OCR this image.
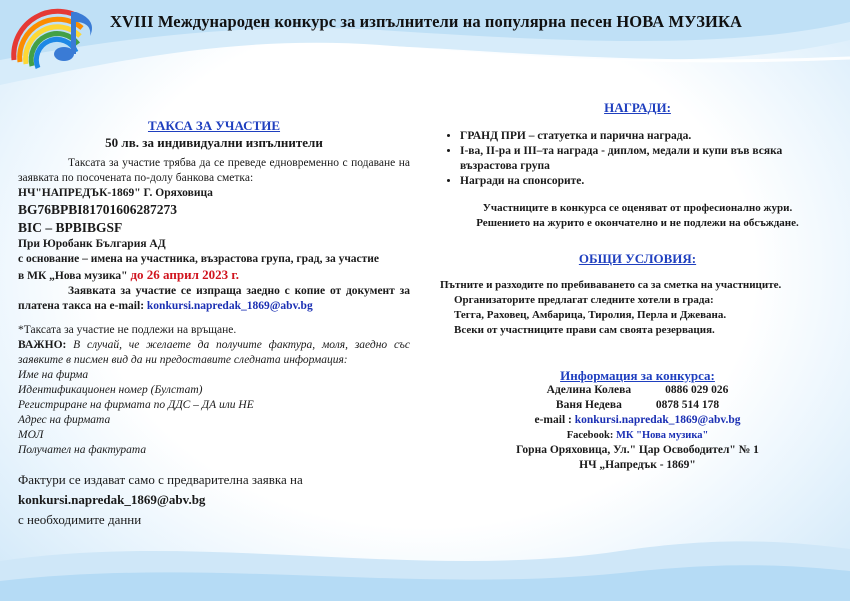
XVIII Международен конкурс за изпълнители на популярна песен НОВА МУЗИКА
ТАКСА ЗА УЧАСТИЕ
50 лв. за индивидуални изпълнители
Таксата за участие трябва да се преведе едновременно с подаване на заявката по посочената по-долу банкова сметка:
НЧ"НАПРЕДЪК-1869" Г. Оряховица
BG76BPBI81701606287273
BIC – BPBIBGSF
При Юробанк България АД
с основание – имена на участника, възрастова група, град, за участие
в МК „Нова музика" до 26 април 2023 г.
Заявката за участие се изпраща заедно с копие от документ за платена такса на e-mail: konkursi.napredak_1869@abv.bg
*Таксата за участие не подлежи на връщане.
ВАЖНО: В случай, че желаете да получите фактура, моля, заедно със заявките в писмен вид да ни предоставите следната информация:
Име на фирма
Идентификационен номер (Булстат)
Регистриране на фирмата по ДДС – ДА или НЕ
Адрес на фирмата
МОЛ
Получател на фактурата
Фактури се издават само с предварителна заявка на
konkursi.napredak_1869@abv.bg
с необходимите данни
НАГРАДИ:
• ГРАНД ПРИ – статуетка и парична награда.
• I-ва, II-ра и III–та награда - диплом, медали и купи във всяка възрастова група
• Награди на спонсорите.
Участниците в конкурса се оценяват от професионално жури.
Решението на журито е окончателно и не подлежи на обсъждане.
ОБЩИ УСЛОВИЯ:
Пътните и разходите по пребиваването са за сметка на участниците.
Организаторите предлагат следните хотели в града:
Тегга, Раховец, Амбарица, Тиролия, Перла и Джевана.
Всеки от участниците прави сам своята резервация.
Информация за конкурса:
Аделина Колева	0886 029 026
Ваня Недева	0878 514 178
e-mail : konkursi.napredak_1869@abv.bg
Facebook: МК "Нова музика"
Горна Оряховица, Ул." Цар Освободител" № 1
НЧ „Напредък - 1869"
